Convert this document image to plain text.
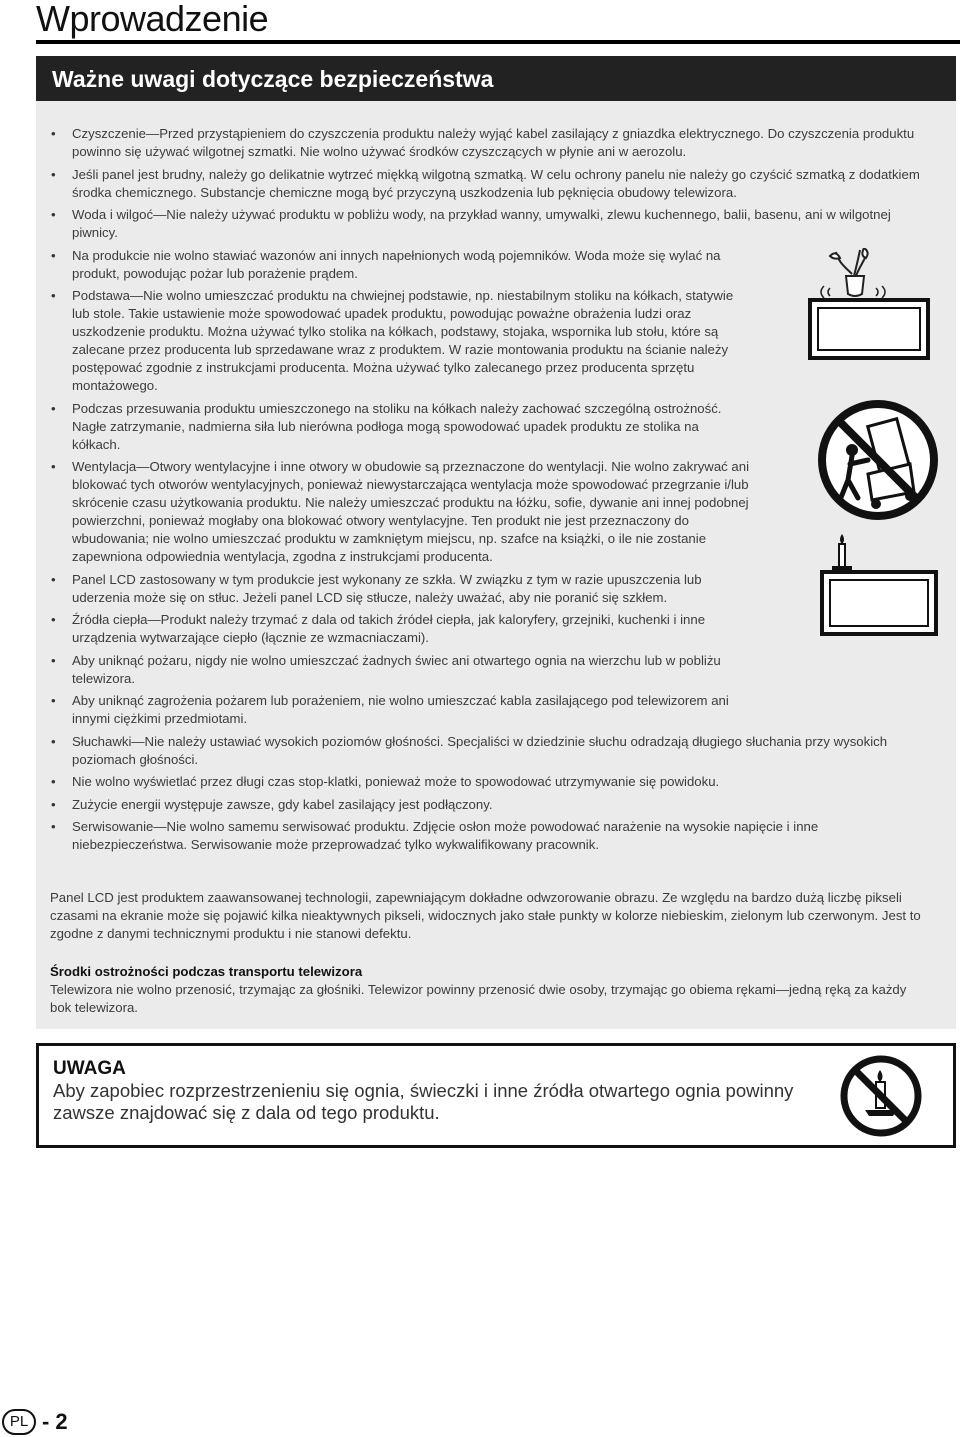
Wprowadzenie
Ważne uwagi dotyczące bezpieczeństwa
• Czyszczenie—Przed przystąpieniem do czyszczenia produktu należy wyjąć kabel zasilający z gniazdka elektrycznego. Do czyszczenia produktu powinno się używać wilgotnej szmatki. Nie wolno używać środków czyszczących w płynie ani w aerozolu.
• Jeśli panel jest brudny, należy go delikatnie wytrzeć miękką wilgotną szmatką. W celu ochrony panelu nie należy go czyścić szmatką z dodatkiem środka chemicznego. Substancje chemiczne mogą być przyczyną uszkodzenia lub pęknięcia obudowy telewizora.
• Woda i wilgoć—Nie należy używać produktu w pobliżu wody, na przykład wanny, umywalki, zlewu kuchennego, balii, basenu, ani w wilgotnej piwnicy.
• Na produkcie nie wolno stawiać wazonów ani innych napełnionych wodą pojemników. Woda może się wylać na produkt, powodując pożar lub porażenie prądem.
• Podstawa—Nie wolno umieszczać produktu na chwiejnej podstawie, np. niestabilnym stoliku na kółkach, statywie lub stole. Takie ustawienie może spowodować upadek produktu, powodując poważne obrażenia ludzi oraz uszkodzenie produktu. Można używać tylko stolika na kółkach, podstawy, stojaka, wspornika lub stołu, które są zalecane przez producenta lub sprzedawane wraz z produktem. W razie montowania produktu na ścianie należy postępować zgodnie z instrukcjami producenta. Można używać tylko zalecanego przez producenta sprzętu montażowego.
• Podczas przesuwania produktu umieszczonego na stoliku na kółkach należy zachować szczególną ostrożność. Nagłe zatrzymanie, nadmierna siła lub nierówna podłoga mogą spowodować upadek produktu ze stolika na kółkach.
• Wentylacja—Otwory wentylacyjne i inne otwory w obudowie są przeznaczone do wentylacji. Nie wolno zakrywać ani blokować tych otworów wentylacyjnych, ponieważ niewystarczająca wentylacja może spowodować przegrzanie i/lub skrócenie czasu użytkowania produktu. Nie należy umieszczać produktu na łóżku, sofie, dywanie ani innej podobnej powierzchni, ponieważ mogłaby ona blokować otwory wentylacyjne. Ten produkt nie jest przeznaczony do wbudowania; nie wolno umieszczać produktu w zamkniętym miejscu, np. szafce na książki, o ile nie zostanie zapewniona odpowiednia wentylacja, zgodna z instrukcjami producenta.
• Panel LCD zastosowany w tym produkcie jest wykonany ze szkła. W związku z tym w razie upuszczenia lub uderzenia może się on stłuc. Jeżeli panel LCD się stłucze, należy uważać, aby nie poranić się szkłem.
• Źródła ciepła—Produkt należy trzymać z dala od takich źródeł ciepła, jak kaloryfery, grzejniki, kuchenki i inne urządzenia wytwarzające ciepło (łącznie ze wzmacniaczami).
• Aby uniknąć pożaru, nigdy nie wolno umieszczać żadnych świec ani otwartego ognia na wierzchu lub w pobliżu telewizora.
• Aby uniknąć zagrożenia pożarem lub porażeniem, nie wolno umieszczać kabla zasilającego pod telewizorem ani innymi ciężkimi przedmiotami.
• Słuchawki—Nie należy ustawiać wysokich poziomów głośności. Specjaliści w dziedzinie słuchu odradzają długiego słuchania przy wysokich poziomach głośności.
• Nie wolno wyświetlać przez długi czas stop-klatki, ponieważ może to spowodować utrzymywanie się powidoku.
• Zużycie energii występuje zawsze, gdy kabel zasilający jest podłączony.
• Serwisowanie—Nie wolno samemu serwisować produktu. Zdjęcie osłon może powodować narażenie na wysokie napięcie i inne niebezpieczeństwa. Serwisowanie może przeprowadzać tylko wykwalifikowany pracownik.
Panel LCD jest produktem zaawansowanej technologii, zapewniającym dokładne odwzorowanie obrazu. Ze względu na bardzo dużą liczbę pikseli czasami na ekranie może się pojawić kilka nieaktywnych pikseli, widocznych jako stałe punkty w kolorze niebieskim, zielonym lub czerwonym. Jest to zgodne z danymi technicznymi produktu i nie stanowi defektu.
Środki ostrożności podczas transportu telewizora
Telewizora nie wolno przenosić, trzymając za głośniki. Telewizor powinny przenosić dwie osoby, trzymając go obiema rękami—jedną ręką za każdy bok telewizora.
UWAGA
Aby zapobiec rozprzestrzenieniu się ognia, świeczki i inne źródła otwartego ognia powinny zawsze znajdować się z dala od tego produktu.
PL - 2
